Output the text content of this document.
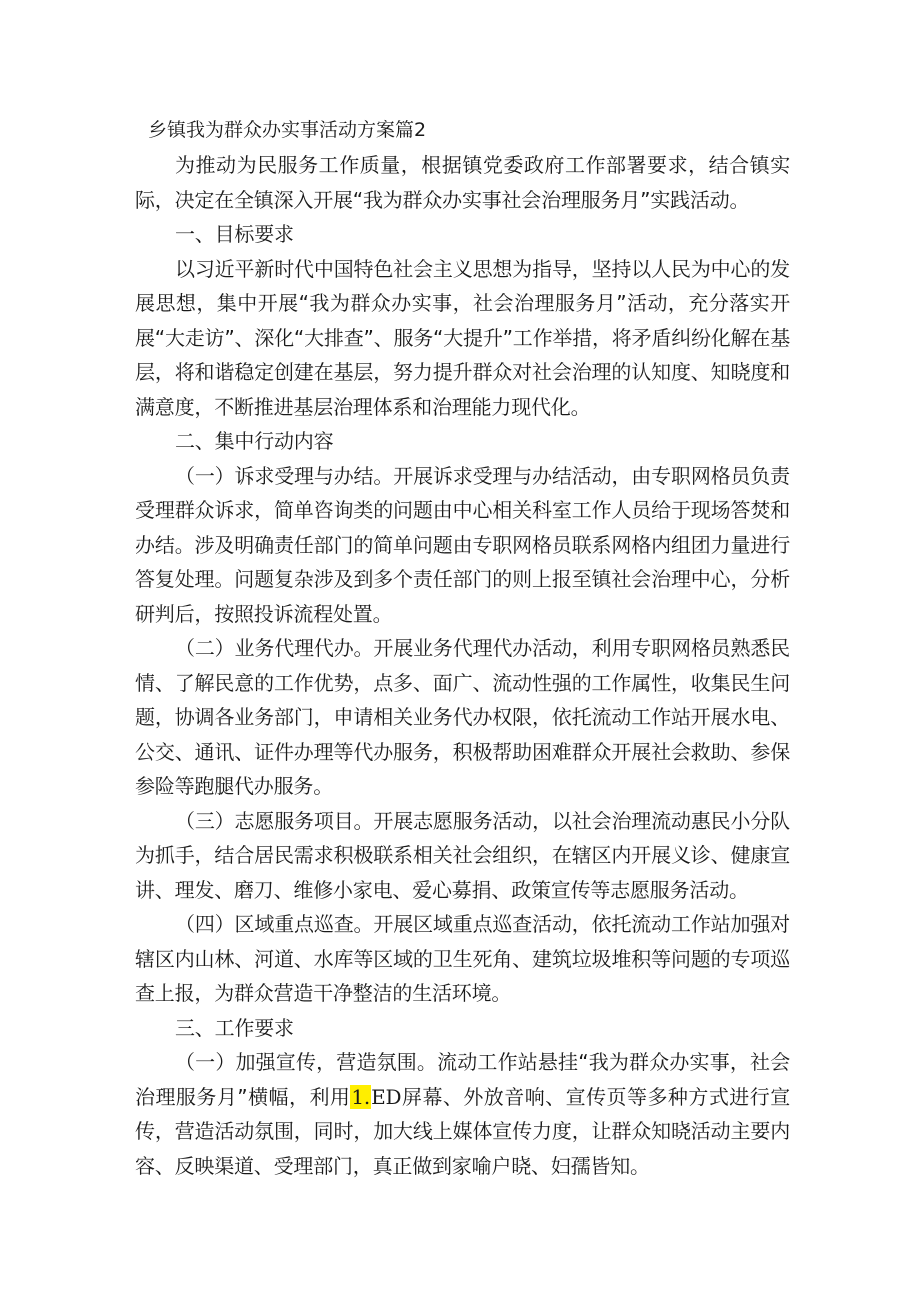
乡镇我为群众办实事活动方案篇2

为推动为民服务工作质量，根据镇党委政府工作部署要求，结合镇实际，决定在全镇深入开展“我为群众办实事社会治理服务月”实践活动。

一、目标要求

以习近平新时代中国特色社会主义思想为指导，坚持以人民为中心的发展思想，集中开展“我为群众办实事，社会治理服务月”活动，充分落实开展“大走访”、深化“大排查”、服务“大提升”工作举措，将矛盾纠纷化解在基层，将和谐稳定创建在基层，努力提升群众对社会治理的认知度、知晓度和满意度，不断推进基层治理体系和治理能力现代化。

二、集中行动内容

（一）诉求受理与办结。开展诉求受理与办结活动，由专职网格员负责受理群众诉求，简单咨询类的问题由中心相关科室工作人员给于现场答焚和办结。涉及明确责任部门的简单问题由专职网格员联系网格内组团力量进行答复处理。问题复杂涉及到多个责任部门的则上报至镇社会治理中心，分析研判后，按照投诉流程处置。

（二）业务代理代办。开展业务代理代办活动，利用专职网格员熟悉民情、了解民意的工作优势，点多、面广、流动性强的工作属性，收集民生问题，协调各业务部门，申请相关业务代办权限，依托流动工作站开展水电、公交、通讯、证件办理等代办服务，积极帮助困难群众开展社会救助、参保参险等跑腿代办服务。

（三）志愿服务项目。开展志愿服务活动，以社会治理流动惠民小分队为抓手，结合居民需求积极联系相关社会组织，在辖区内开展义诊、健康宣讲、理发、磨刀、维修小家电、爱心募捐、政策宣传等志愿服务活动。

（四）区域重点巡查。开展区域重点巡查活动，依托流动工作站加强对辖区内山林、河道、水库等区域的卫生死角、建筑垃圾堆积等问题的专项巡查上报，为群众营造干净整洁的生活环境。

三、工作要求

（一）加强宣传，营造氛围。流动工作站悬挂“我为群众办实事，社会治理服务月”横幅，利用1.ED屏幕、外放音响、宣传页等多种方式进行宣传，营造活动氛围，同时，加大线上媒体宣传力度，让群众知晓活动主要内容、反映渠道、受理部门，真正做到家喻户晓、妇孺皆知。
